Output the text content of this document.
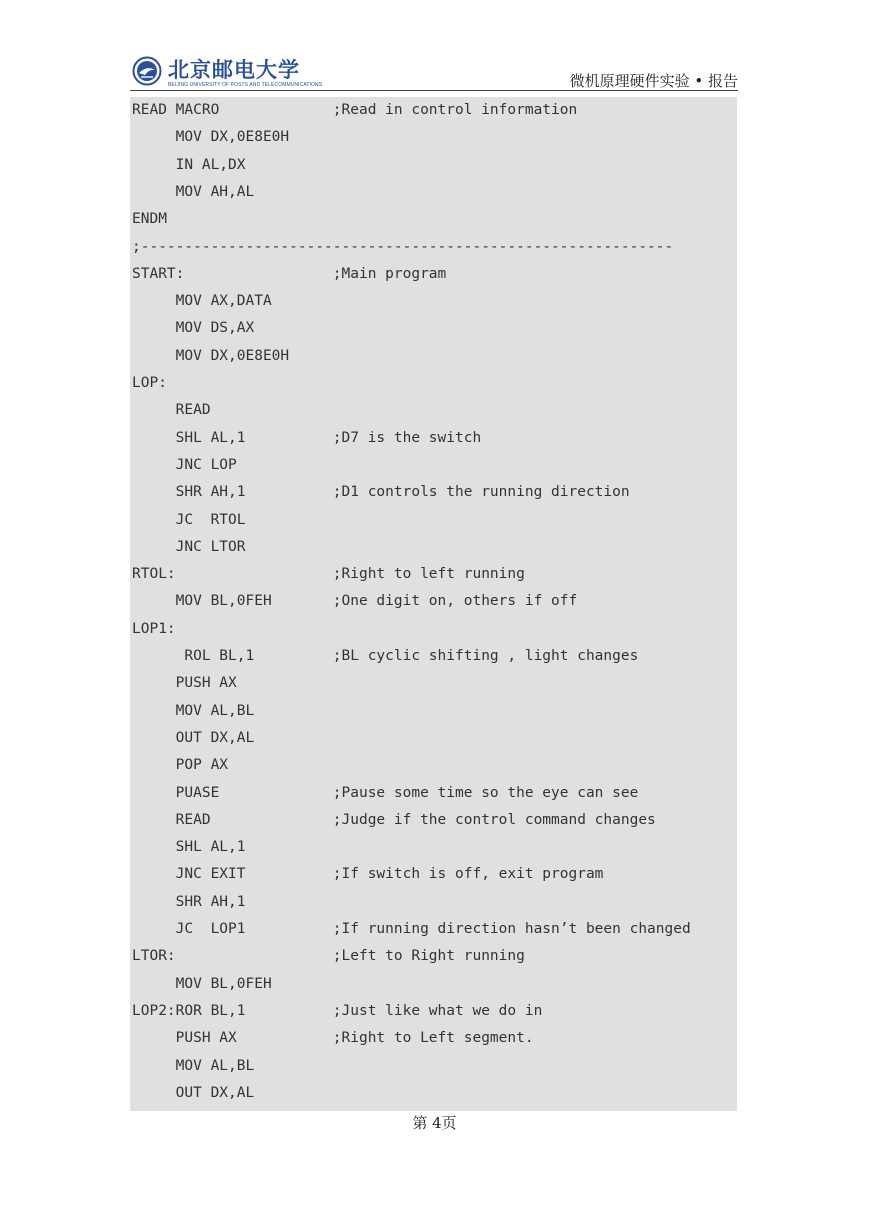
北京邮电大学
BEIJING UNIVERSITY OF POSTS AND TELECOMMUNICATIONS	微机原理硬件实验 • 报告
READ MACRO             ;Read in control information
MOV DX,0E8E0H
IN AL,DX
MOV AH,AL
ENDM
;-------------------------------------------------------------
START:                 ;Main program
MOV AX,DATA
MOV DS,AX
MOV DX,0E8E0H
LOP:
READ
SHL AL,1          ;D7 is the switch
JNC LOP
SHR AH,1          ;D1 controls the running direction
JC  RTOL
JNC LTOR
RTOL:                  ;Right to left running
MOV BL,0FEH       ;One digit on, others if off
LOP1:
ROL BL,1         ;BL cyclic shifting , light changes
PUSH AX
MOV AL,BL
OUT DX,AL
POP AX
PUASE             ;Pause some time so the eye can see
READ              ;Judge if the control command changes
SHL AL,1
JNC EXIT          ;If switch is off, exit program
SHR AH,1
JC  LOP1          ;If running direction hasn’t been changed
LTOR:                  ;Left to Right running
MOV BL,0FEH
LOP2:ROR BL,1          ;Just like what we do in
PUSH AX           ;Right to Left segment.
MOV AL,BL
OUT DX,AL
第 4页
